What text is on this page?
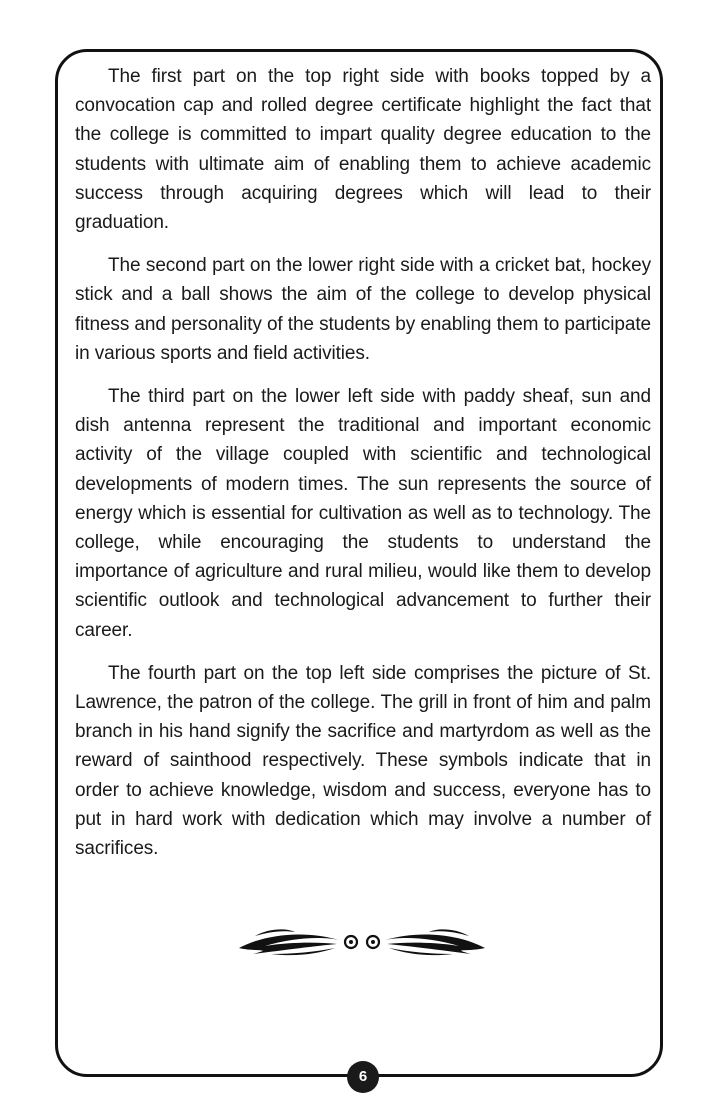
The first part on the top right side with books topped by a convocation cap and rolled degree certificate highlight the fact that the college is committed to impart quality degree education to the students with ultimate aim of enabling them to achieve academic success through acquiring degrees which will lead to their graduation.

The second part on the lower right side with a cricket bat, hockey stick and a ball shows the aim of the college to develop physical fitness and personality of the students by enabling them to participate in various sports and field activities.

The third part on the lower left side with paddy sheaf, sun and dish antenna represent the traditional and important economic activity of the village coupled with scientific and technological developments of modern times. The sun represents the source of energy which is essential for cultivation as well as to technology. The college, while encouraging the students to understand the importance of agriculture and rural milieu, would like them to develop scientific outlook and technological advancement to further their career.

The fourth part on the top left side comprises the picture of St. Lawrence, the patron of the college. The grill in front of him and palm branch in his hand signify the sacrifice and martyrdom as well as the reward of sainthood respectively. These symbols indicate that in order to achieve knowledge, wisdom and success, everyone has to put in hard work with dedication which may involve a number of sacrifices.

6
